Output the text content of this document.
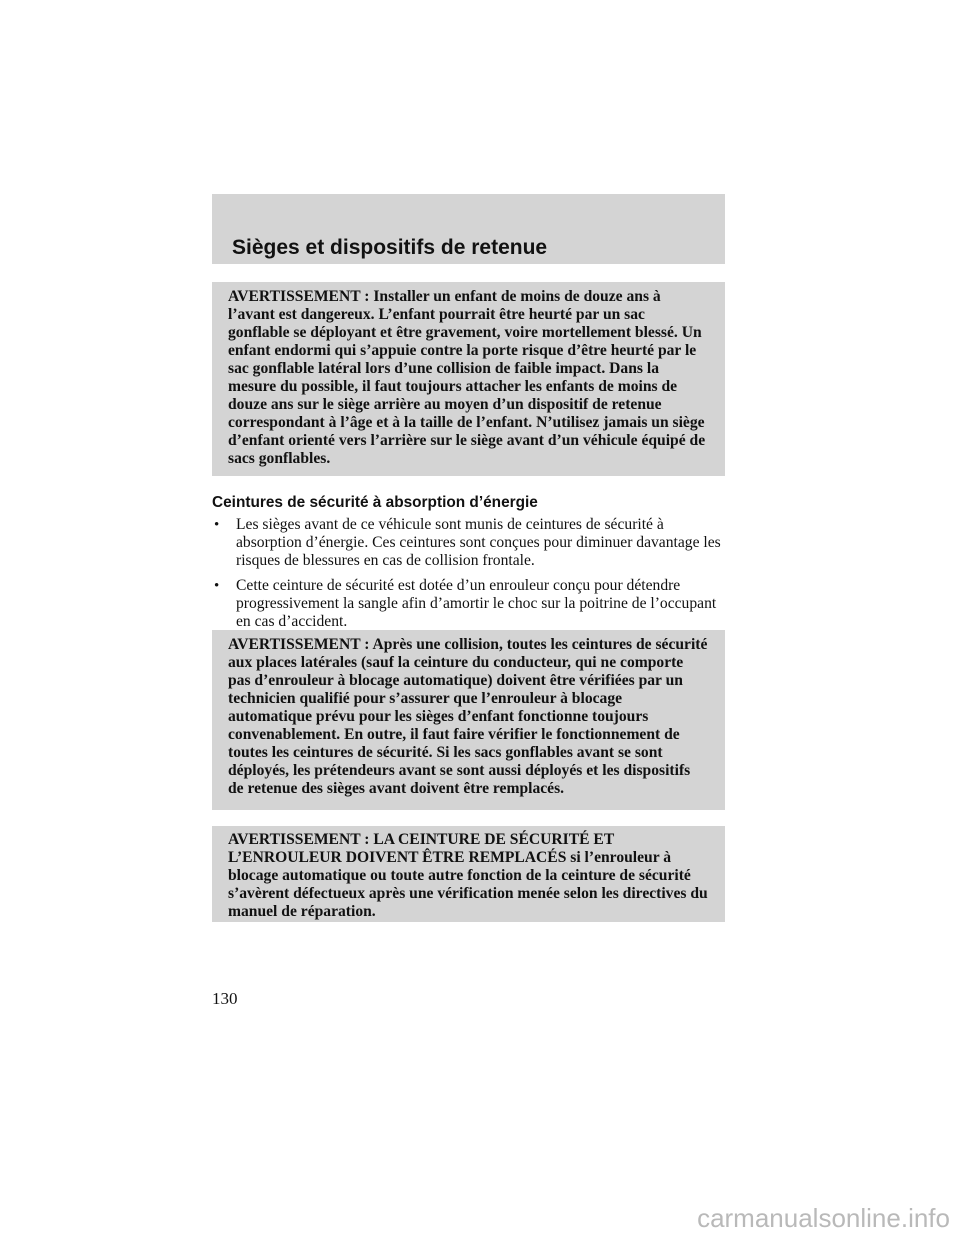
Sièges et dispositifs de retenue

AVERTISSEMENT : Installer un enfant de moins de douze ans à l’avant est dangereux. L’enfant pourrait être heurté par un sac gonflable se déployant et être gravement, voire mortellement blessé. Un enfant endormi qui s’appuie contre la porte risque d’être heurté par le sac gonflable latéral lors d’une collision de faible impact. Dans la mesure du possible, il faut toujours attacher les enfants de moins de douze ans sur le siège arrière au moyen d’un dispositif de retenue correspondant à l’âge et à la taille de l’enfant. N’utilisez jamais un siège d’enfant orienté vers l’arrière sur le siège avant d’un véhicule équipé de sacs gonflables.

Ceintures de sécurité à absorption d’énergie
• Les sièges avant de ce véhicule sont munis de ceintures de sécurité à absorption d’énergie. Ces ceintures sont conçues pour diminuer davantage les risques de blessures en cas de collision frontale.
• Cette ceinture de sécurité est dotée d’un enrouleur conçu pour détendre progressivement la sangle afin d’amortir le choc sur la poitrine de l’occupant en cas d’accident.

AVERTISSEMENT : Après une collision, toutes les ceintures de sécurité aux places latérales (sauf la ceinture du conducteur, qui ne comporte pas d’enrouleur à blocage automatique) doivent être vérifiées par un technicien qualifié pour s’assurer que l’enrouleur à blocage automatique prévu pour les sièges d’enfant fonctionne toujours convenablement. En outre, il faut faire vérifier le fonctionnement de toutes les ceintures de sécurité. Si les sacs gonflables avant se sont déployés, les prétendeurs avant se sont aussi déployés et les dispositifs de retenue des sièges avant doivent être remplacés.

AVERTISSEMENT : LA CEINTURE DE SÉCURITÉ ET L’ENROULEUR DOIVENT ÊTRE REMPLACÉS si l’enrouleur à blocage automatique ou toute autre fonction de la ceinture de sécurité s’avèrent défectueux après une vérification menée selon les directives du manuel de réparation.

130

carmanualsonline.info
